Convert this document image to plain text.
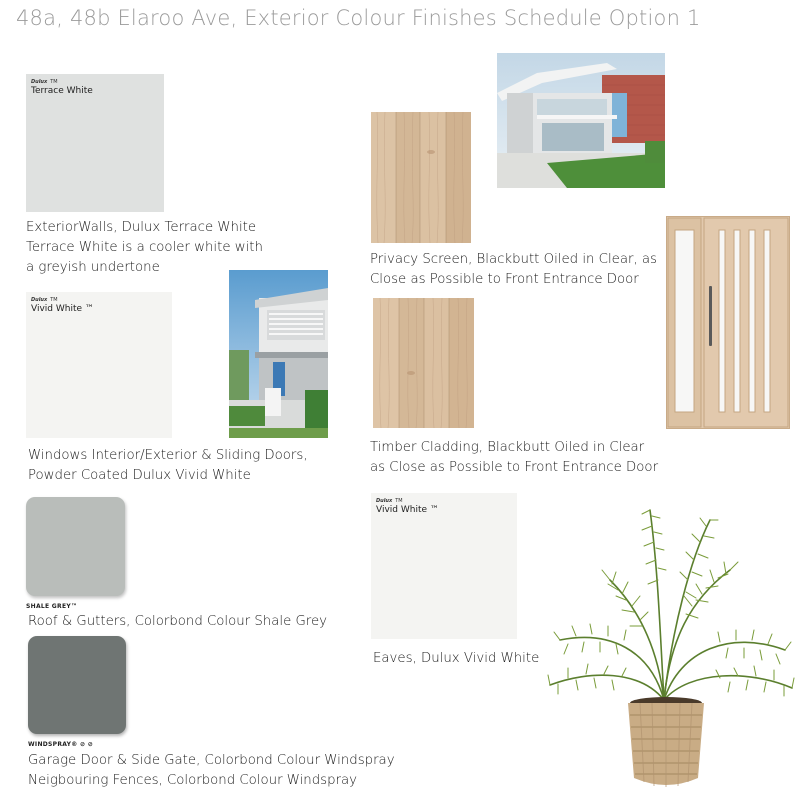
48a, 48b Elaroo Ave, Exterior Colour Finishes Schedule Option 1
Dulux TM
Terrace White
ExteriorWalls, Dulux Terrace White
Terrace White is a cooler white with
a greyish undertone
Dulux TM
Vivid White ™
Windows Interior/Exterior & Sliding Doors,
Powder Coated Dulux Vivid White
SHALE GREY™
Roof & Gutters, Colorbond Colour Shale Grey
WINDSPRAY® ⊘ ⊘
Garage Door & Side Gate, Colorbond Colour Windspray
Neigbouring Fences, Colorbond Colour Windspray
Privacy Screen, Blackbutt Oiled in Clear, as
Close as Possible to Front Entrance Door
Timber Cladding, Blackbutt Oiled in Clear
as Close as Possible to Front Entrance Door
Dulux TM
Vivid White ™
Eaves, Dulux Vivid White
